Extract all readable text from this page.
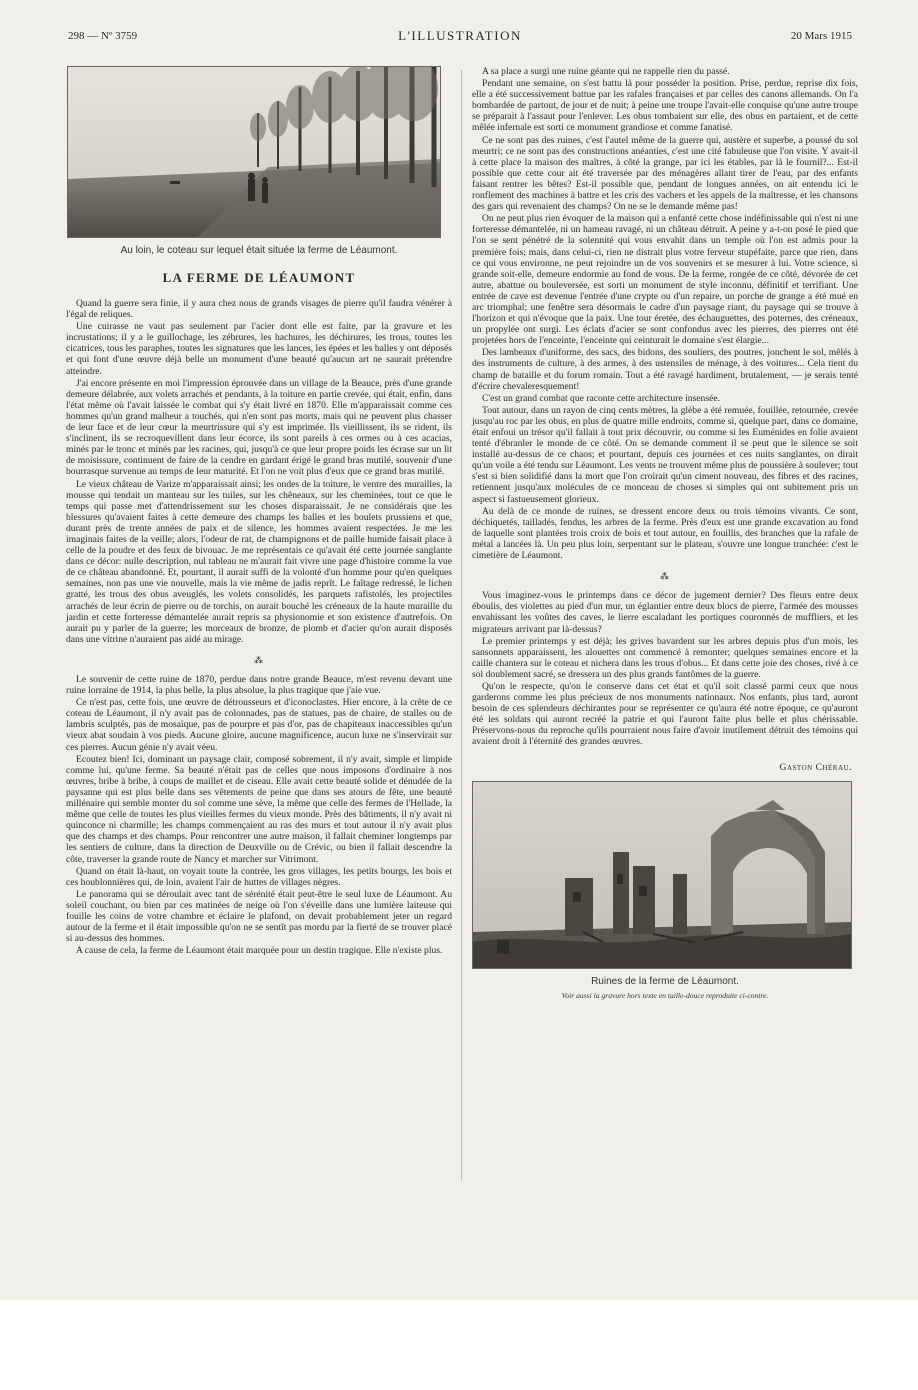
298 — Nº 3759	L'ILLUSTRATION	20 Mars 1915
Au loin, le coteau sur lequel était située la ferme de Léaumont.
LA FERME DE LÉAUMONT

Quand la guerre sera finie, il y aura chez nous de grands visages de pierre qu'il faudra vénérer à l'égal de reliques.

Une cuirasse ne vaut pas seulement par l'acier dont elle est faite, par la gravure et les incrustations; il y a le guillochage, les zébrures, les hachures, les déchirures, les trous, toutes les cicatrices, tous les paraphes, toutes les signatures que les lances, les épées et les balles y ont déposés et qui font d'une œuvre déjà belle un monument d'une beauté qu'aucun art ne saurait prétendre atteindre.

J'ai encore présente en moi l'impression éprouvée dans un village de la Beauce, près d'une grande demeure délabrée, aux volets arrachés et pendants, à la toiture en partie crevée, qui était, enfin, dans l'état même où l'avait laissée le combat qui s'y était livré en 1870. Elle m'apparaissait comme ces hommes qu'un grand malheur a touchés, qui n'en sont pas morts, mais qui ne peuvent plus chasser de leur face et de leur cœur la meurtrissure qui s'y est imprimée. Ils vieillissent, ils se rident, ils s'inclinent, ils se recroquevillent dans leur écorce, ils sont pareils à ces ormes ou à ces acacias, minés par le tronc et minés par les racines, qui, jusqu'à ce que leur propre poids les écrase sur un lit de moisissure, continuent de faire de la cendre en gardant érigé le grand bras mutilé, souvenir d'une bourrasque survenue au temps de leur maturité. Et l'on ne voit plus d'eux que ce grand bras mutilé.

Le vieux château de Varize m'apparaissait ainsi; les ondes de la toiture, le ventre des murailles, la mousse qui tendait un manteau sur les tuiles, sur les chêneaux, sur les cheminées, tout ce que le temps qui passe met d'attendrissement sur les choses disparaissait. Je ne considérais que les blessures qu'avaient faites à cette demeure des champs les balles et les boulets prussiens et que, durant près de trente années de paix et de silence, les hommes avaient respectées. Je me les imaginais faites de la veille; alors, l'odeur de rat, de champignons et de paille humide faisait place à celle de la poudre et des feux de bivouac. Je me représentais ce qu'avait été cette journée sanglante dans ce décor: nulle description, nul tableau ne m'aurait fait vivre une page d'histoire comme la vue de ce château abandonné. Et, pourtant, il aurait suffi de la volonté d'un homme pour qu'en quelques semaines, non pas une vie nouvelle, mais la vie même de jadis reprît. Le faîtage redressé, le lichen gratté, les trous des obus aveuglés, les volets consolidés, les parquets rafistolés, les projectiles arrachés de leur écrin de pierre ou de torchis, on aurait bouché les créneaux de la haute muraille du jardin et cette forteresse démantelée aurait repris sa physionomie et son existence d'autrefois. On aurait pu y parler de la guerre; les morceaux de bronze, de plomb et d'acier qu'on aurait disposés dans une vitrine n'auraient pas aidé au mirage.

⁂

Le souvenir de cette ruine de 1870, perdue dans notre grande Beauce, m'est revenu devant une ruine lorraine de 1914, la plus belle, la plus absolue, la plus tragique que j'aie vue.

Ce n'est pas, cette fois, une œuvre de détrousseurs et d'iconoclastes. Hier encore, à la crête de ce coteau de Léaumont, il n'y avait pas de colonnades, pas de statues, pas de chaire, de stalles ou de lambris sculptés, pas de mosaïque, pas de pourpre et pas d'or, pas de chapiteaux inaccessibles qu'un vieux abat soudain à vos pieds. Aucune gloire, aucune magnificence, aucun luxe ne s'inservirait sur ces pierres. Aucun génie n'y avait véeu.

Ecoutez bien! Ici, dominant un paysage clair, composé sobrement, il n'y avait, simple et limpide comme lui, qu'une ferme. Sa beauté n'était pas de celles que nous imposons d'ordinaire à nos œuvres, bribe à bribe, à coups de maillet et de ciseau. Elle avait cette beauté solide et dénudée de la paysanne qui est plus belle dans ses vêtements de peine que dans ses atours de fête, une beauté millénaire qui semble monter du sol comme une sève, la même que celle des fermes de l'Hellade, la même que celle de toutes les plus vieilles fermes du vieux monde. Près des bâtiments, il n'y avait ni quinconce ni charmille; les champs commençaient au ras des murs et tout autour il n'y avait plus que des champs et des champs. Pour rencontrer une autre maison, il fallait cheminer longtemps par les sentiers de culture, dans la direction de Deuxville ou de Crévic, ou bien il fallait descendre la côte, traverser la grande route de Nancy et marcher sur Vitrimont.

Quand on était là-haut, on voyait toute la contrée, les gros villages, les petits bourgs, les bois et ces houblonnières qui, de loin, avaient l'air de huttes de villages nègres.

Le panorama qui se déroulait avec tant de sérénité était peut-être le seul luxe de Léaumont. Au soleil couchant, ou bien par ces matinées de neige où l'on s'éveille dans une lumière laiteuse qui fouille les coins de votre chambre et éclaire le plafond, on devait probablement jeter un regard autour de la ferme et il était impossible qu'on ne se sentît pas mordu par la fierté de se trouver placé si au-dessus des hommes.

A cause de cela, la ferme de Léaumont était marquée pour un destin tragique. Elle n'existe plus.

A sa place a surgi une ruine géante qui ne rappelle rien du passé.

Pendant une semaine, on s'est battu là pour posséder la position. Prise, perdue, reprise dix fois, elle a été successivement battue par les rafales françaises et par celles des canons allemands. On l'a bombardée de partout, de jour et de nuit; à peine une troupe l'avait-elle conquise qu'une autre troupe se préparait à l'assaut pour l'enlever. Les obus tombaient sur elle, des obus en partaient, et de cette mêlée infernale est sorti ce monument grandiose et comme fanatisé.

Ce ne sont pas des ruines, c'est l'autel même de la guerre qui, austère et superbe, a poussé du sol meurtri; ce ne sont pas des constructions anéanties, c'est une cité fabuleuse que l'on visite. Y avait-il à cette place la maison des maîtres, à côté la grange, par ici les étables, par là le fournil?... Est-il possible que cette cour ait été traversée par des ménagères allant tirer de l'eau, par des enfants faisant rentrer les bêtes? Est-il possible que, pendant de longues années, on ait entendu ici le ronflement des machines à battre et les cris des vachers et les appels de la maîtresse, et les chansons des gars qui revenaient des champs? On ne se le demande même pas!

On ne peut plus rien évoquer de la maison qui a enfanté cette chose indéfinissable qui n'est ni une forteresse démantelée, ni un hameau ravagé, ni un château détruit. A peine y a-t-on posé le pied que l'on se sent pénétré de la solennité qui vous envahit dans un temple où l'on est admis pour la première fois; mais, dans celui-ci, rien ne distrait plus votre ferveur stupéfaite, parce que rien, dans ce qui vous environne, ne peut rejoindre un de vos souvenirs et se mesurer à lui. Votre science, si grande soit-elle, demeure endormie au fond de vous. De la ferme, rongée de ce côté, dévorée de cet autre, abattue ou bouleversée, est sorti un monument de style inconnu, définitif et terrifiant. Une entrée de cave est devenue l'entrée d'une crypte ou d'un repaire, un porche de grange a été mué en arc triomphal; une fenêtre sera désormais le cadre d'un paysage riant, du paysage qui se trouve à l'horizon et qui n'évoque que la paix. Une tour éretée, des échauguettes, des poternes, des créneaux, un propylée ont surgi. Les éclats d'acier se sont confondus avec les pierres, des pierres ont été projetées hors de l'enceinte, l'enceinte qui ceinturait le domaine s'est élargie...

Des lambeaux d'uniforme, des sacs, des bidons, des souliers, des poutres, jonchent le sol, mêlés à des instruments de culture, à des armes, à des ustensiles de ménage, à des voitures... Cela tient du champ de bataille et du forum romain. Tout a été ravagé hardiment, brutalement, — je serais tenté d'écrire chevaleresquement!

C'est un grand combat que raconte cette architecture insensée.

Tout autour, dans un rayon de cinq cents mètres, la glèbe a été remuée, fouillée, retournée, crevée jusqu'au roc par les obus, en plus de quatre mille endroits, comme si, quelque part, dans ce domaine, était enfoui un trésor qu'il fallait à tout prix découvrir, ou comme si les Euménides en folie avaient tenté d'ébranler le monde de ce côté. On se demande comment il se peut que le silence se soit installé au-dessus de ce chaos; et pourtant, depuis ces journées et ces nuits sanglantes, on dirait qu'un voile a été tendu sur Léaumont. Les vents ne trouvent même plus de poussière à soulever; tout s'est si bien solidifié dans la mort que l'on croirait qu'un ciment nouveau, des fibres et des racines, retiennent jusqu'aux molécules de ce monceau de choses si simples qui ont subitement pris un aspect si fastueusement glorieux.

Au delà de ce monde de ruines, se dressent encore deux ou trois témoins vivants. Ce sont, déchiquetés, tailladés, fendus, les arbres de la ferme. Près d'eux est une grande excavation au fond de laquelle sont plantées trois croix de bois et tout autour, en fouillis, des branches que la rafale de métal a lancées là. Un peu plus loin, serpentant sur le plateau, s'ouvre une longue tranchée: c'est le cimetière de Léaumont.

⁂

Vous imaginez-vous le printemps dans ce décor de jugement dernier? Des fleurs entre deux éboulis, des violettes au pied d'un mur, un églantier entre deux blocs de pierre, l'armée des mousses envahissant les voûtes des caves, le lierre escaladant les portiques couronnés de muffliers, et les migrateurs arrivant par là-dessus?

Le premier printemps y est déjà; les grives bavardent sur les arbres depuis plus d'un mois, les sansonnets apparaissent, les alouettes ont commencé à remonter; quelques semaines encore et la caille chantera sur le coteau et nichera dans les trous d'obus... Et dans cette joie des choses, rivé à ce sol doublement sacré, se dressera un des plus grands fantômes de la guerre.

Qu'on le respecte, qu'on le conserve dans cet état et qu'il soit classé parmi ceux que nous garderons comme les plus précieux de nos monuments nationaux. Nos enfants, plus tard, auront besoin de ces splendeurs déchirantes pour se représenter ce qu'aura été notre époque, ce qu'auront été les soldats qui auront recréé la patrie et qui l'auront faite plus belle et plus chérissable. Préservons-nous du reproche qu'ils pourraient nous faire d'avoir inutilement détruit des témoins qui avaient droit à l'éternité des grandes œuvres.

Gaston Chérau.
Ruines de la ferme de Léaumont.
Voir aussi la gravure hors texte en taille-douce reproduite ci-contre.
